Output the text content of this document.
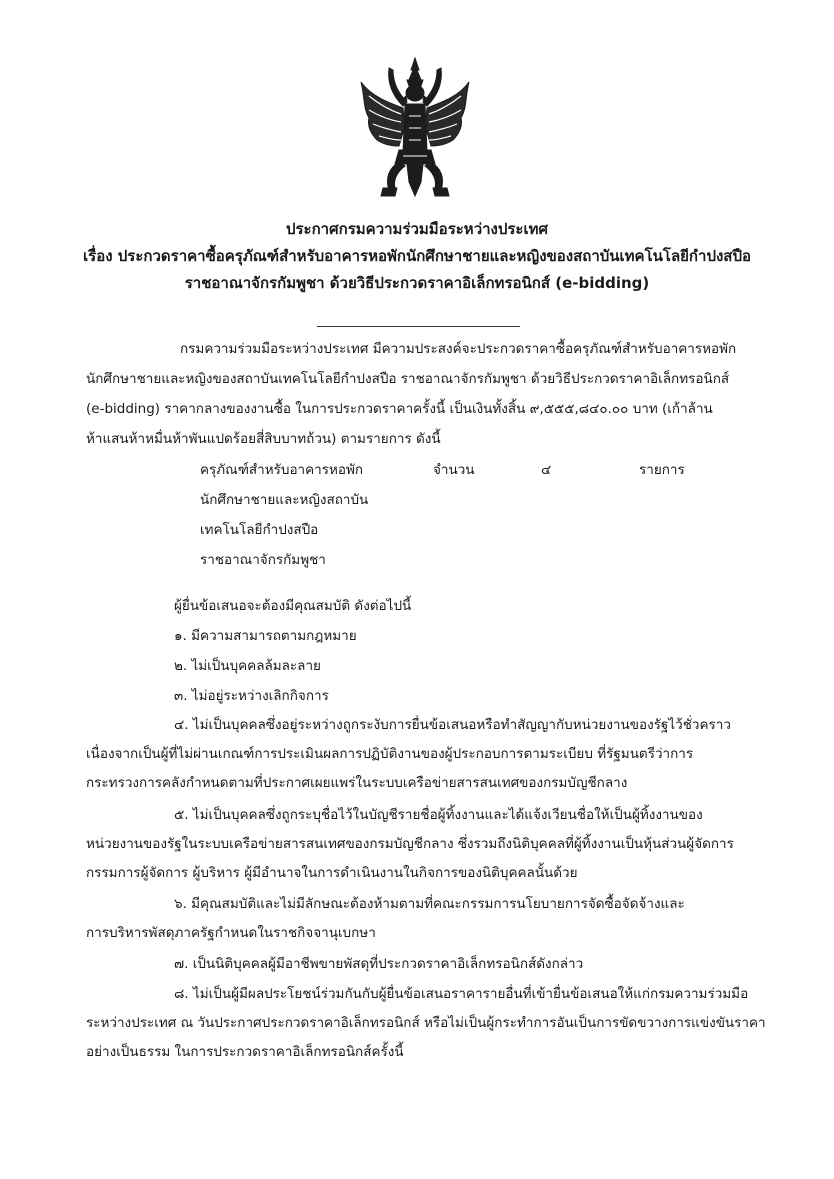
ประกาศกรมความร่วมมือระหว่างประเทศ
เรื่อง ประกวดราคาซื้อครุภัณฑ์สำหรับอาคารหอพักนักศึกษาชายและหญิงของสถาบันเทคโนโลยีกำปงสปือ
ราชอาณาจักรกัมพูชา ด้วยวิธีประกวดราคาอิเล็กทรอนิกส์ (e-bidding)
กรมความร่วมมือระหว่างประเทศ มีความประสงค์จะประกวดราคาซื้อครุภัณฑ์สำหรับอาคารหอพัก
นักศึกษาชายและหญิงของสถาบันเทคโนโลยีกำปงสปือ ราชอาณาจักรกัมพูชา ด้วยวิธีประกวดราคาอิเล็กทรอนิกส์
(e-bidding) ราคากลางของงานซื้อ ในการประกวดราคาครั้งนี้ เป็นเงินทั้งสิ้น ๙,๕๕๕,๘๔๐.๐๐ บาท (เก้าล้าน
ห้าแสนห้าหมื่นห้าพันแปดร้อยสี่สิบบาทถ้วน) ตามรายการ ดังนี้
ครุภัณฑ์สำหรับอาคารหอพัก
นักศึกษาชายและหญิงสถาบัน
เทคโนโลยีกำปงสปือ
ราชอาณาจักรกัมพูชา
จำนวน	๔	รายการ
ผู้ยื่นข้อเสนอจะต้องมีคุณสมบัติ ดังต่อไปนี้
๑. มีความสามารถตามกฎหมาย
๒. ไม่เป็นบุคคลล้มละลาย
๓. ไม่อยู่ระหว่างเลิกกิจการ
๔. ไม่เป็นบุคคลซึ่งอยู่ระหว่างถูกระงับการยื่นข้อเสนอหรือทำสัญญากับหน่วยงานของรัฐไว้ชั่วคราว
เนื่องจากเป็นผู้ที่ไม่ผ่านเกณฑ์การประเมินผลการปฏิบัติงานของผู้ประกอบการตามระเบียบ ที่รัฐมนตรีว่าการ
กระทรวงการคลังกำหนดตามที่ประกาศเผยแพร่ในระบบเครือข่ายสารสนเทศของกรมบัญชีกลาง
๕. ไม่เป็นบุคคลซึ่งถูกระบุชื่อไว้ในบัญชีรายชื่อผู้ทิ้งงานและได้แจ้งเวียนชื่อให้เป็นผู้ทิ้งงานของ
หน่วยงานของรัฐในระบบเครือข่ายสารสนเทศของกรมบัญชีกลาง ซึ่งรวมถึงนิติบุคคลที่ผู้ทิ้งงานเป็นหุ้นส่วนผู้จัดการ
กรรมการผู้จัดการ ผู้บริหาร ผู้มีอำนาจในการดำเนินงานในกิจการของนิติบุคคลนั้นด้วย
๖. มีคุณสมบัติและไม่มีลักษณะต้องห้ามตามที่คณะกรรมการนโยบายการจัดซื้อจัดจ้างและ
การบริหารพัสดุภาครัฐกำหนดในราชกิจจานุเบกษา
๗. เป็นนิติบุคคลผู้มีอาชีพขายพัสดุที่ประกวดราคาอิเล็กทรอนิกส์ดังกล่าว
๘. ไม่เป็นผู้มีผลประโยชน์ร่วมกันกับผู้ยื่นข้อเสนอราคารายอื่นที่เข้ายื่นข้อเสนอให้แก่กรมความร่วมมือ
ระหว่างประเทศ ณ วันประกาศประกวดราคาอิเล็กทรอนิกส์ หรือไม่เป็นผู้กระทำการอันเป็นการขัดขวางการแข่งขันราคา
อย่างเป็นธรรม ในการประกวดราคาอิเล็กทรอนิกส์ครั้งนี้
